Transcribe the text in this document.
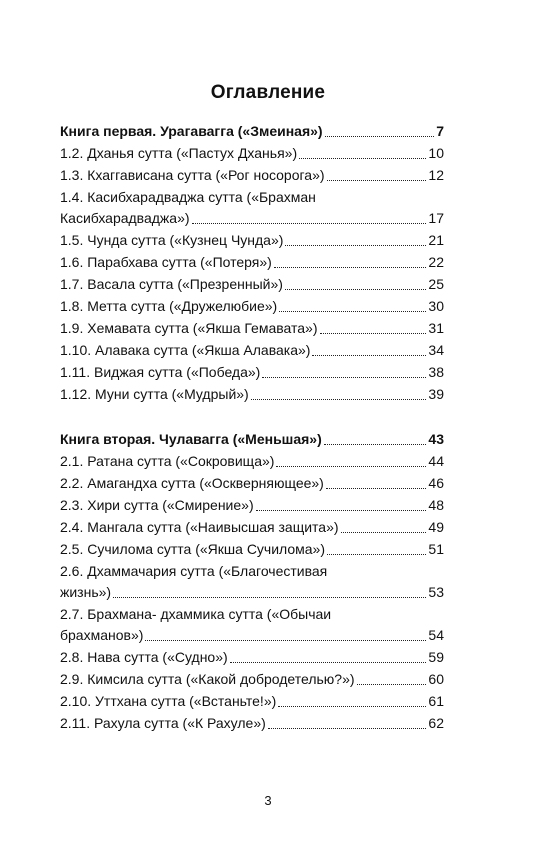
Оглавление
Книга первая. Урагавагга («Змеиная»)	7
1.2. Дханья сутта («Пастух Дханья»)	10
1.3. Кхаггависана сутта («Рог носорога»)	12
1.4. Касибхарадваджа сутта («Брахман
Касибхарадваджа»)	17
1.5. Чунда сутта («Кузнец Чунда»)	21
1.6. Парабхава сутта («Потеря»)	22
1.7. Васала сутта («Презренный»)	25
1.8. Метта сутта («Дружелюбие»)	30
1.9. Хемавата сутта («Якша Гемавата»)	31
1.10. Алавака сутта («Якша Алавака»)	34
1.11. Виджая сутта («Победа»)	38
1.12. Муни сутта («Мудрый»)	39
Книга вторая. Чулавагга («Меньшая»)	43
2.1. Ратана сутта («Сокровища»)	44
2.2. Амагандха сутта («Оскверняющее»)	46
2.3. Хири сутта («Смирение»)	48
2.4. Мангала сутта («Наивысшая защита»)	49
2.5. Сучилома сутта («Якша Сучилома»)	51
2.6. Дхаммачария сутта («Благочестивая
жизнь»)	53
2.7. Брахмана- дхаммика сутта («Обычаи
брахманов»)	54
2.8. Нава сутта («Судно»)	59
2.9. Кимсила сутта («Какой добродетелью?»)	60
2.10. Уттхана сутта («Встаньте!»)	61
2.11. Рахула сутта («К Рахуле»)	62
3
